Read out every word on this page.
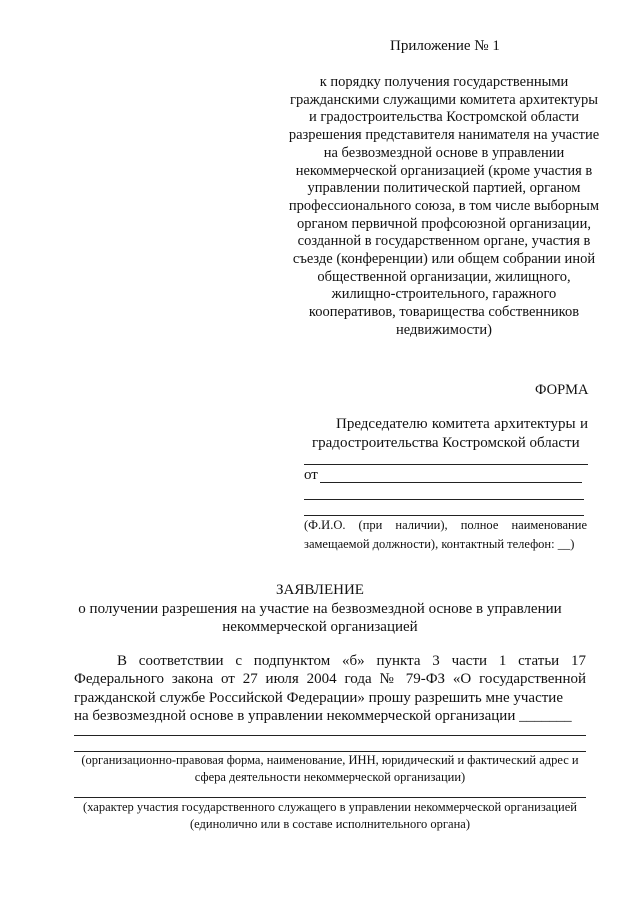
Приложение № 1
к порядку получения государственными гражданскими служащими комитета архитектуры и градостроительства Костромской области разрешения представителя нанимателя на участие на безвозмездной основе в управлении некоммерческой организацией (кроме участия в управлении политической партией, органом профессионального союза, в том числе выборным органом первичной профсоюзной организации, созданной в государственном органе, участия в съезде (конференции) или общем собрании иной общественной организации, жилищного, жилищно-строительного, гаражного кооперативов, товарищества собственников недвижимости)
ФОРМА
Председателю комитета архитектуры и
градостроительства Костромской области
от
(Ф.И.О. (при наличии), полное наименование
замещаемой должности), контактный телефон: __)
ЗАЯВЛЕНИЕ
о получении разрешения на участие на безвозмездной основе в управлении некоммерческой организацией
В соответствии с подпунктом «б» пункта 3 части 1 статьи 17 Федерального закона от 27 июля 2004 года № 79-ФЗ «О государственной гражданской службе Российской Федерации» прошу разрешить мне участие
на безвозмездной основе в управлении некоммерческой организации _______
(организационно-правовая форма, наименование, ИНН, юридический и фактический адрес и сфера деятельности некоммерческой организации)
(характер участия государственного служащего в управлении некоммерческой организацией (единолично или в составе исполнительного органа)
